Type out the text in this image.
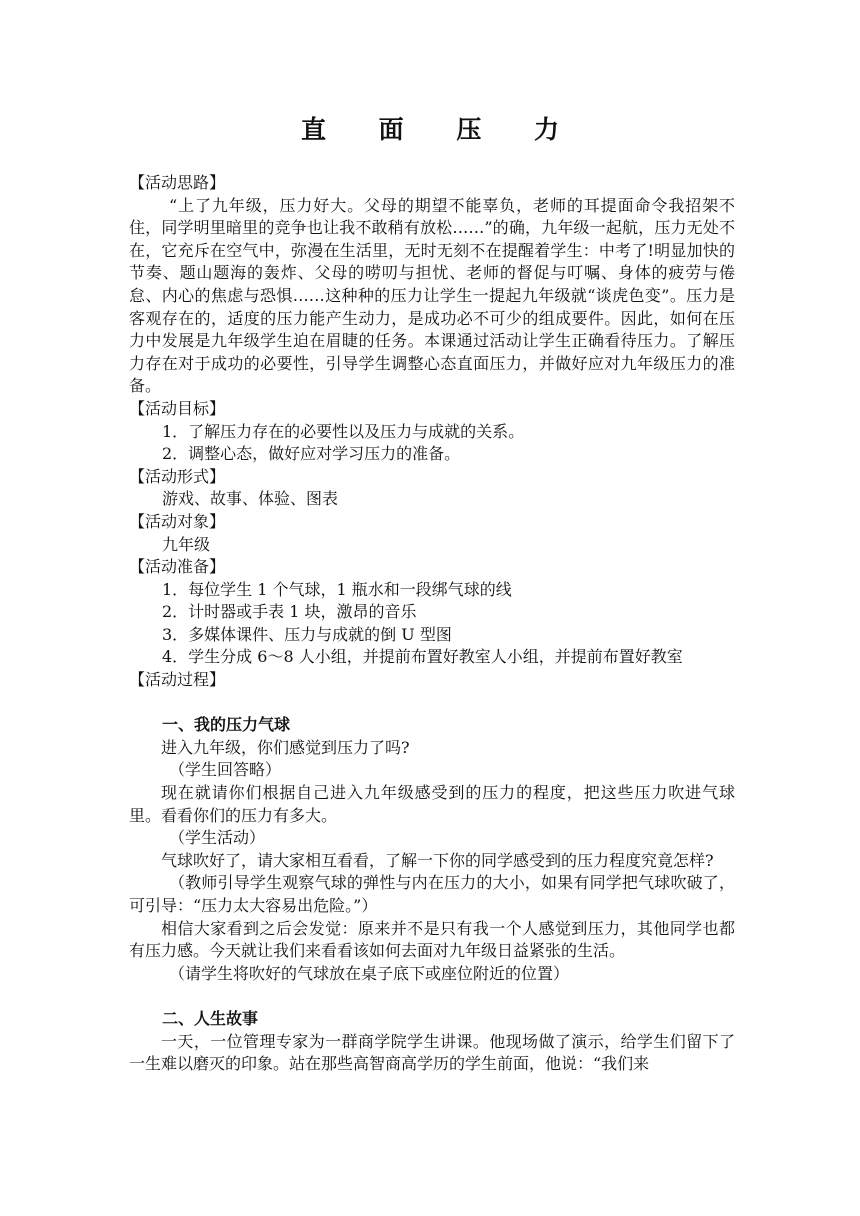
直 面 压 力

【活动思路】

“上了九年级，压力好大。父母的期望不能辜负，老师的耳提面命令我招架不住，同学明里暗里的竞争也让我不敢稍有放松……”的确，九年级一起航，压力无处不在，它充斥在空气中，弥漫在生活里，无时无刻不在提醒着学生：中考了!明显加快的节奏、题山题海的轰炸、父母的唠叨与担忧、老师的督促与叮嘱、身体的疲劳与倦怠、内心的焦虑与恐惧……这种种的压力让学生一提起九年级就“谈虎色变”。压力是客观存在的，适度的压力能产生动力，是成功必不可少的组成要件。因此，如何在压力中发展是九年级学生迫在眉睫的任务。本课通过活动让学生正确看待压力。了解压力存在对于成功的必要性，引导学生调整心态直面压力，并做好应对九年级压力的准备。

【活动目标】

1．了解压力存在的必要性以及压力与成就的关系。

2．调整心态，做好应对学习压力的准备。

【活动形式】

游戏、故事、体验、图表

【活动对象】

九年级

【活动准备】

1．每位学生 1 个气球，1 瓶水和一段绑气球的线

2．计时器或手表 1 块，激昂的音乐

3．多媒体课件、压力与成就的倒 U 型图

4．学生分成 6～8 人小组，并提前布置好教室人小组，并提前布置好教室

【活动过程】

一、我的压力气球

进入九年级，你们感觉到压力了吗?

（学生回答略）

现在就请你们根据自己进入九年级感受到的压力的程度，把这些压力吹进气球里。看看你们的压力有多大。

（学生活动）

气球吹好了，请大家相互看看，了解一下你的同学感受到的压力程度究竟怎样?

（教师引导学生观察气球的弹性与内在压力的大小，如果有同学把气球吹破了，可引导：“压力太大容易出危险。”）

相信大家看到之后会发觉：原来并不是只有我一个人感觉到压力，其他同学也都有压力感。今天就让我们来看看该如何去面对九年级日益紧张的生活。

（请学生将吹好的气球放在桌子底下或座位附近的位置）

二、人生故事

一天，一位管理专家为一群商学院学生讲课。他现场做了演示，给学生们留下了一生难以磨灭的印象。站在那些高智商高学历的学生前面，他说：“我们来
